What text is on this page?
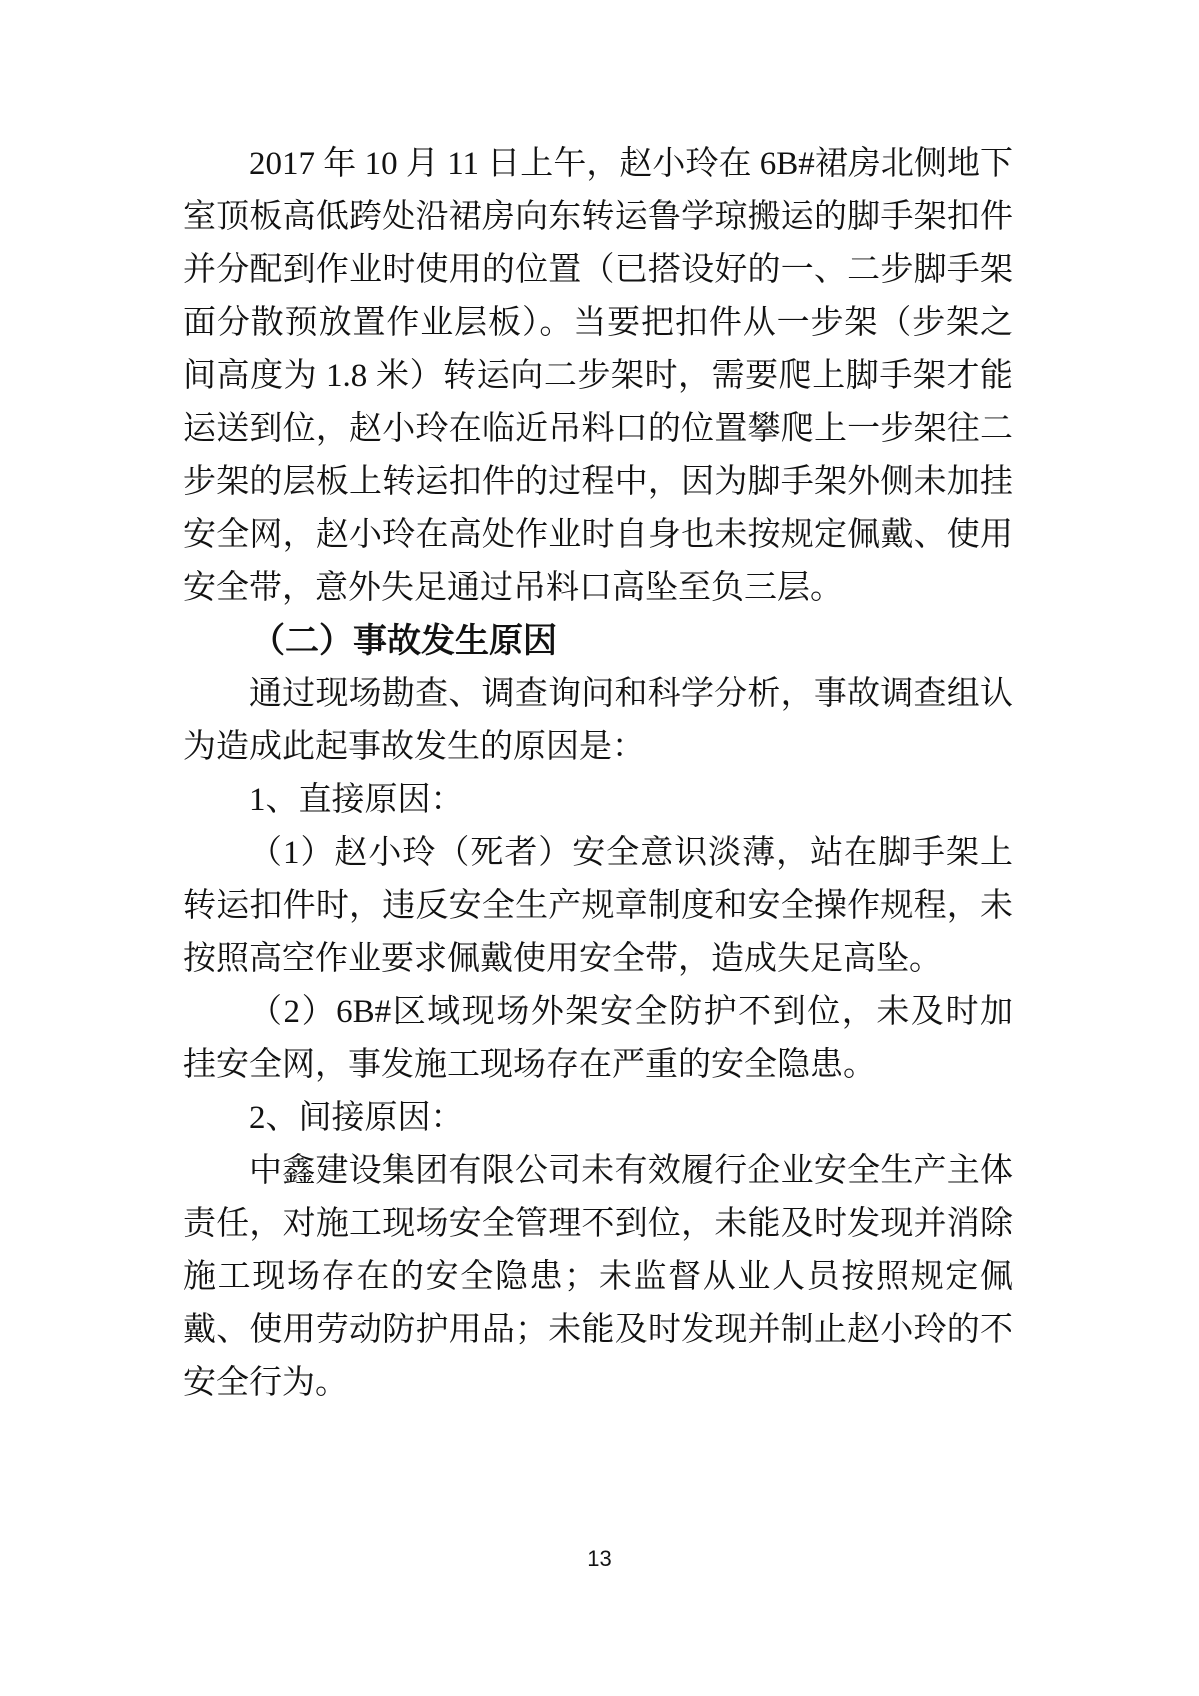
2017 年 10 月 11 日上午，赵小玲在 6B#裙房北侧地下室顶板高低跨处沿裙房向东转运鲁学琼搬运的脚手架扣件并分配到作业时使用的位置（已搭设好的一、二步脚手架面分散预放置作业层板）。当要把扣件从一步架（步架之间高度为 1.8 米）转运向二步架时，需要爬上脚手架才能运送到位，赵小玲在临近吊料口的位置攀爬上一步架往二步架的层板上转运扣件的过程中，因为脚手架外侧未加挂安全网，赵小玲在高处作业时自身也未按规定佩戴、使用安全带，意外失足通过吊料口高坠至负三层。

（二）事故发生原因

通过现场勘查、调查询问和科学分析，事故调查组认为造成此起事故发生的原因是：

1、直接原因：

（1）赵小玲（死者）安全意识淡薄，站在脚手架上转运扣件时，违反安全生产规章制度和安全操作规程，未按照高空作业要求佩戴使用安全带，造成失足高坠。

（2）6B#区域现场外架安全防护不到位，未及时加挂安全网，事发施工现场存在严重的安全隐患。

2、间接原因：

中鑫建设集团有限公司未有效履行企业安全生产主体责任，对施工现场安全管理不到位，未能及时发现并消除施工现场存在的安全隐患；未监督从业人员按照规定佩戴、使用劳动防护用品；未能及时发现并制止赵小玲的不安全行为。

13
